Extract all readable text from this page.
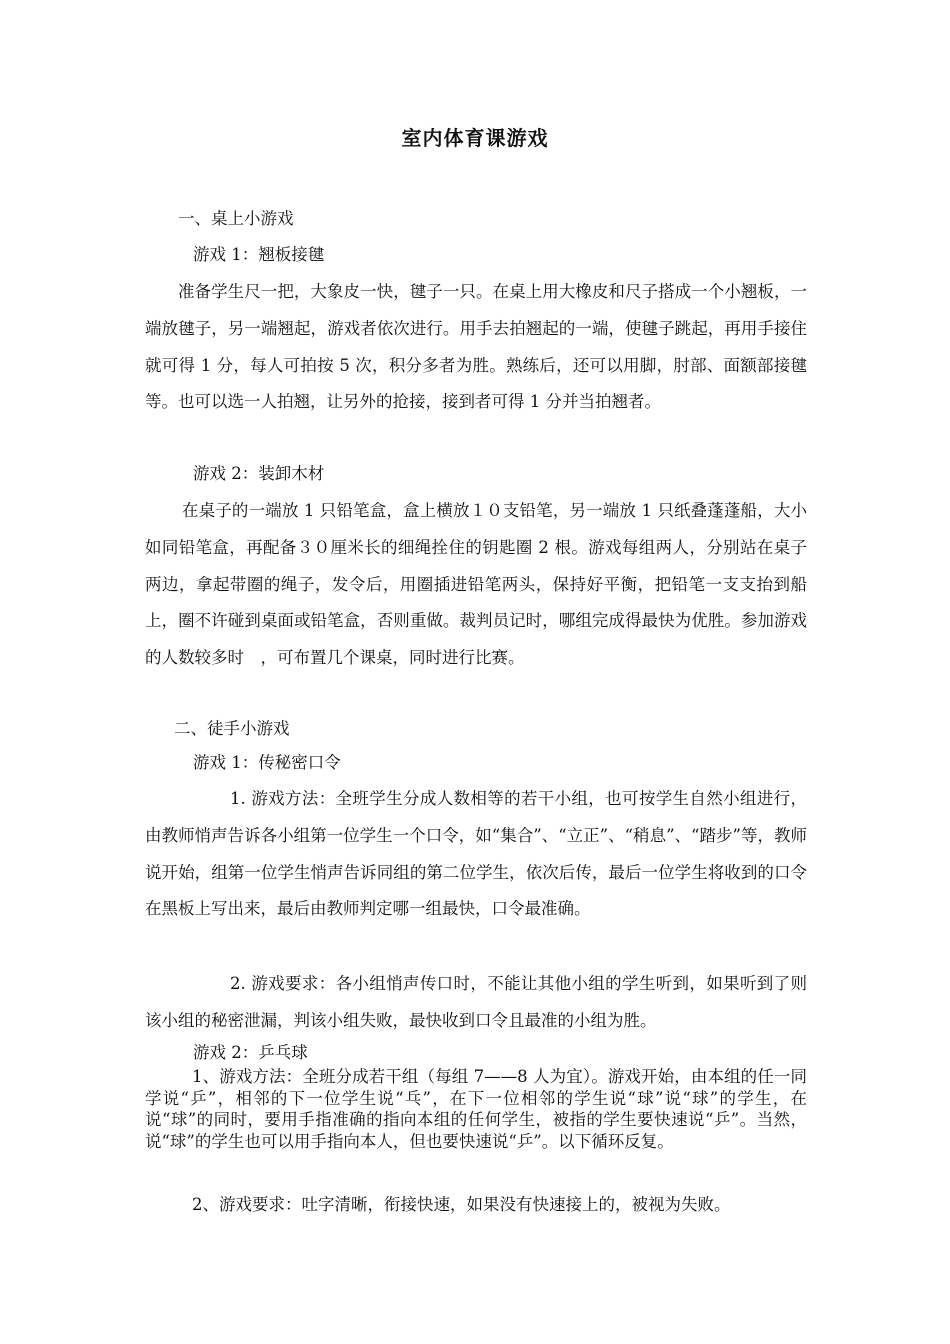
室内体育课游戏
一、桌上小游戏
游戏 1：翘板接毽

准备学生尺一把，大象皮一快，毽子一只。在桌上用大橡皮和尺子搭成一个小翘板，一端放毽子，另一端翘起，游戏者依次进行。用手去拍翘起的一端，使毽子跳起，再用手接住就可得 1 分，每人可拍按 5 次，积分多者为胜。熟练后，还可以用脚，肘部、面额部接毽等。也可以选一人拍翘，让另外的抢接，接到者可得 1 分并当拍翘者。

游戏 2：装卸木材

在桌子的一端放 1 只铅笔盒，盒上横放１０支铅笔，另一端放 1 只纸叠蓬蓬船，大小如同铅笔盒，再配备３０厘米长的细绳拴住的钥匙圈 2 根。游戏每组两人，分别站在桌子两边，拿起带圈的绳子，发令后，用圈插进铅笔两头，保持好平衡，把铅笔一支支抬到船上，圈不许碰到桌面或铅笔盒，否则重做。裁判员记时，哪组完成得最快为优胜。参加游戏的人数较多时　，可布置几个课桌，同时进行比赛。

二、徒手小游戏
游戏 1：传秘密口令

1. 游戏方法：全班学生分成人数相等的若干小组，也可按学生自然小组进行，由教师悄声告诉各小组第一位学生一个口令，如“集合”、“立正”、“稍息”、“踏步”等，教师说开始，组第一位学生悄声告诉同组的第二位学生，依次后传，最后一位学生将收到的口令在黑板上写出来，最后由教师判定哪一组最快，口令最准确。

2. 游戏要求：各小组悄声传口时，不能让其他小组的学生听到，如果听到了则该小组的秘密泄漏，判该小组失败，最快收到口令且最准的小组为胜。

游戏 2：乒乓球

1、游戏方法：全班分成若干组（每组 7——8 人为宜）。游戏开始，由本组的任一同学说“乒”，相邻的下一位学生说“乓”，在下一位相邻的学生说“球”说“球”的学生，在说“球”的同时，要用手指准确的指向本组的任何学生，被指的学生要快速说“乒”。当然，说“球”的学生也可以用手指向本人，但也要快速说“乒”。以下循环反复。

2、游戏要求：吐字清晰，衔接快速，如果没有快速接上的，被视为失败。
